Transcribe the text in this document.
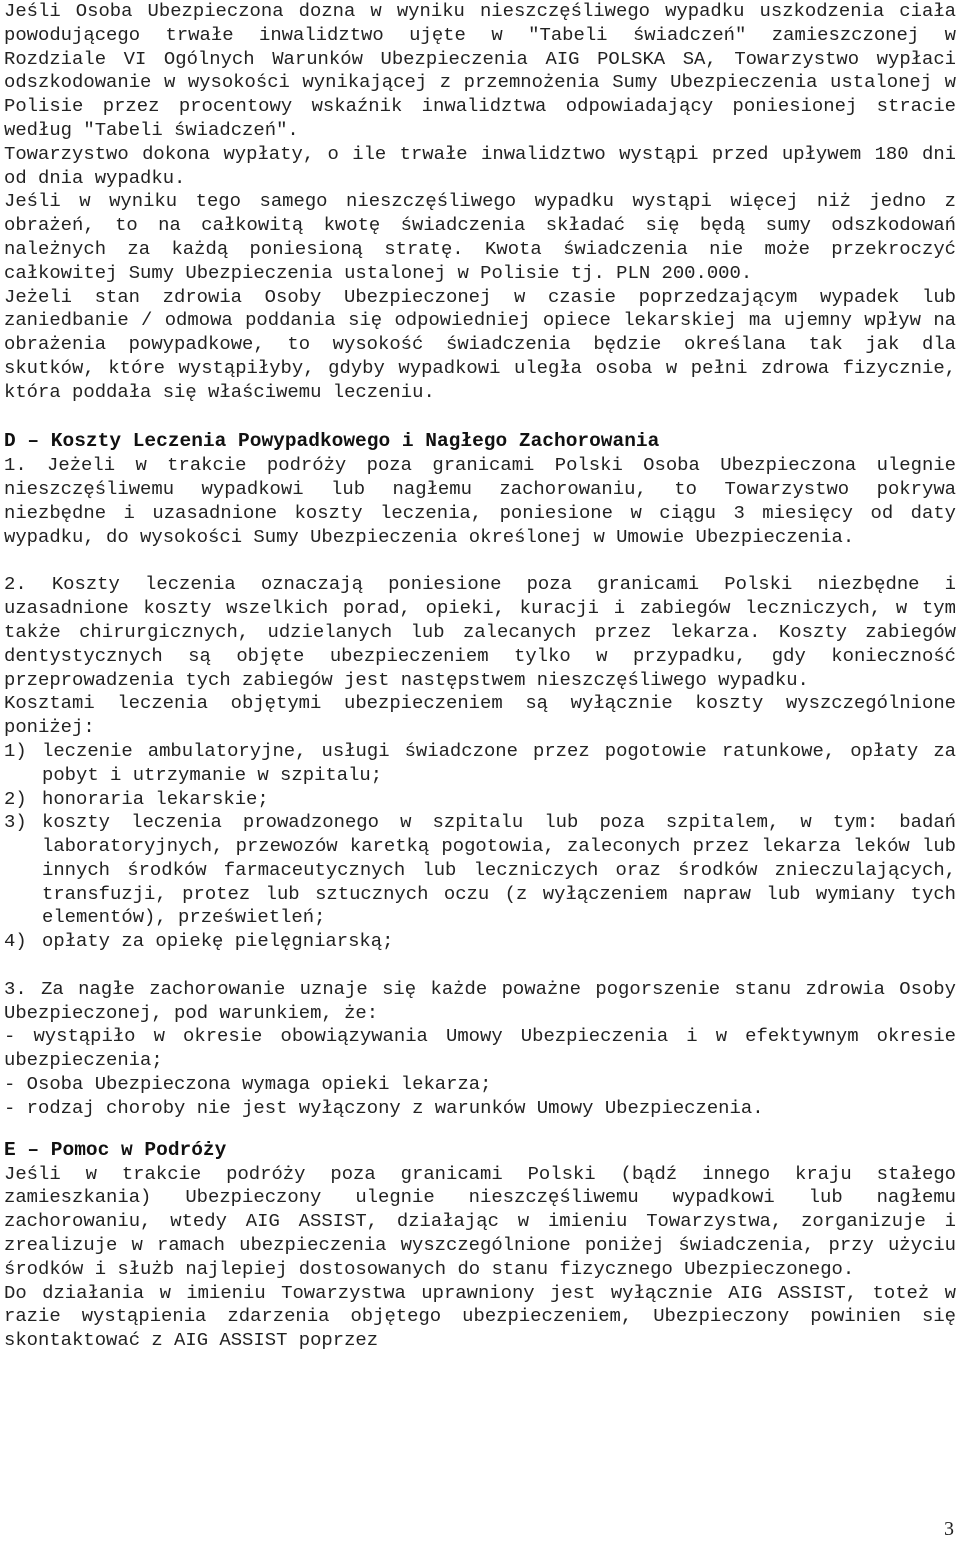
Jeśli Osoba Ubezpieczona dozna w wyniku nieszczęśliwego wypadku uszkodzenia ciała powodującego trwałe inwalidztwo ujęte w "Tabeli świadczeń" zamieszczonej w Rozdziale VI Ogólnych Warunków Ubezpieczenia AIG POLSKA SA, Towarzystwo wypłaci odszkodowanie w wysokości wynikającej z przemnożenia Sumy Ubezpieczenia ustalonej w Polisie przez procentowy wskaźnik inwalidztwa odpowiadający poniesionej stracie według "Tabeli świadczeń".

Towarzystwo dokona wypłaty, o ile trwałe inwalidztwo wystąpi przed upływem 180 dni od dnia wypadku.

Jeśli w wyniku tego samego nieszczęśliwego wypadku wystąpi więcej niż jedno z obrażeń, to na całkowitą kwotę świadczenia składać się będą sumy odszkodowań należnych za każdą poniesioną stratę. Kwota świadczenia nie może przekroczyć całkowitej Sumy Ubezpieczenia ustalonej w Polisie tj. PLN 200.000.

Jeżeli stan zdrowia Osoby Ubezpieczonej w czasie poprzedzającym wypadek lub zaniedbanie / odmowa poddania się odpowiedniej opiece lekarskiej ma ujemny wpływ na obrażenia powypadkowe, to wysokość świadczenia będzie określana tak jak dla skutków, które wystąpiłyby, gdyby wypadkowi uległa osoba w pełni zdrowa fizycznie, która poddała się właściwemu leczeniu.

D – Koszty Leczenia Powypadkowego i Nagłego Zachorowania

1. Jeżeli w trakcie podróży poza granicami Polski Osoba Ubezpieczona ulegnie nieszczęśliwemu wypadkowi lub nagłemu zachorowaniu, to Towarzystwo pokrywa niezbędne i uzasadnione koszty leczenia, poniesione w ciągu 3 miesięcy od daty wypadku, do wysokości Sumy Ubezpieczenia określonej w Umowie Ubezpieczenia.

2. Koszty leczenia oznaczają poniesione poza granicami Polski niezbędne i uzasadnione koszty wszelkich porad, opieki, kuracji i zabiegów leczniczych, w tym także chirurgicznych, udzielanych lub zalecanych przez lekarza. Koszty zabiegów dentystycznych są objęte ubezpieczeniem tylko w przypadku, gdy konieczność przeprowadzenia tych zabiegów jest następstwem nieszczęśliwego wypadku.

Kosztami leczenia objętymi ubezpieczeniem są wyłącznie koszty wyszczególnione poniżej:

1) leczenie ambulatoryjne, usługi świadczone przez pogotowie ratunkowe, opłaty za pobyt i utrzymanie w szpitalu;
2) honoraria lekarskie;
3) koszty leczenia prowadzonego w szpitalu lub poza szpitalem, w tym: badań laboratoryjnych, przewozów karetką pogotowia, zaleconych przez lekarza leków lub innych środków farmaceutycznych lub leczniczych oraz środków znieczulających, transfuzji, protez lub sztucznych oczu (z wyłączeniem napraw lub wymiany tych elementów), prześwietleń;
4) opłaty za opiekę pielęgniarską;

3. Za nagłe zachorowanie uznaje się każde poważne pogorszenie stanu zdrowia Osoby Ubezpieczonej, pod warunkiem, że:

- wystąpiło w okresie obowiązywania Umowy Ubezpieczenia i w efektywnym okresie ubezpieczenia;

- Osoba Ubezpieczona wymaga opieki lekarza;

- rodzaj choroby nie jest wyłączony z warunków Umowy Ubezpieczenia.

E – Pomoc w Podróży

Jeśli w trakcie podróży poza granicami Polski (bądź innego kraju stałego zamieszkania) Ubezpieczony ulegnie nieszczęśliwemu wypadkowi lub nagłemu zachorowaniu, wtedy AIG ASSIST, działając w imieniu Towarzystwa, zorganizuje i zrealizuje w ramach ubezpieczenia wyszczególnione poniżej świadczenia, przy użyciu środków i służb najlepiej dostosowanych do stanu fizycznego Ubezpieczonego.

Do działania w imieniu Towarzystwa uprawniony jest wyłącznie AIG ASSIST, toteż w razie wystąpienia zdarzenia objętego ubezpieczeniem, Ubezpieczony powinien się skontaktować z AIG ASSIST poprzez

3
